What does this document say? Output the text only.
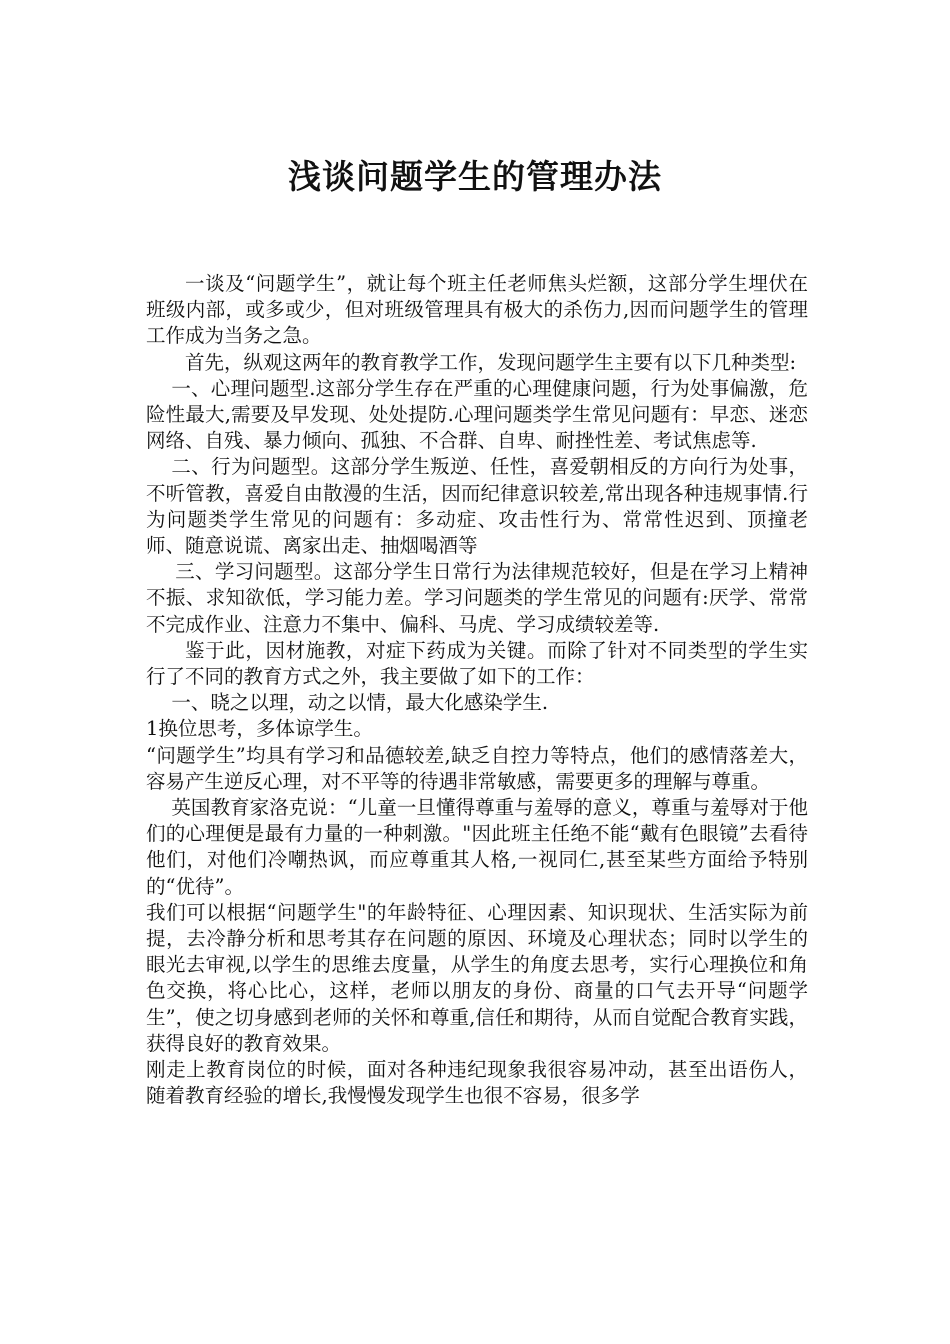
浅谈问题学生的管理办法

一谈及“问题学生”，就让每个班主任老师焦头烂额，这部分学生埋伏在班级内部，或多或少，但对班级管理具有极大的杀伤力,因而问题学生的管理工作成为当务之急。

首先，纵观这两年的教育教学工作，发现问题学生主要有以下几种类型:

一、心理问题型.这部分学生存在严重的心理健康问题，行为处事偏激，危险性最大,需要及早发现、处处提防.心理问题类学生常见问题有：早恋、迷恋网络、自残、暴力倾向、孤独、不合群、自卑、耐挫性差、考试焦虑等.

二、行为问题型。这部分学生叛逆、任性，喜爱朝相反的方向行为处事，不听管教，喜爱自由散漫的生活，因而纪律意识较差,常出现各种违规事情.行为问题类学生常见的问题有：多动症、攻击性行为、常常性迟到、顶撞老师、随意说谎、离家出走、抽烟喝酒等

三、学习问题型。这部分学生日常行为法律规范较好，但是在学习上精神不振、求知欲低，学习能力差。学习问题类的学生常见的问题有:厌学、常常不完成作业、注意力不集中、偏科、马虎、学习成绩较差等.

鉴于此，因材施教，对症下药成为关键。而除了针对不同类型的学生实行了不同的教育方式之外，我主要做了如下的工作：

一、晓之以理，动之以情，最大化感染学生.

1换位思考，多体谅学生。

“问题学生”均具有学习和品德较差,缺乏自控力等特点，他们的感情落差大，容易产生逆反心理，对不平等的待遇非常敏感，需要更多的理解与尊重。

英国教育家洛克说：“儿童一旦懂得尊重与羞辱的意义，尊重与羞辱对于他们的心理便是最有力量的一种刺激。"因此班主任绝不能“戴有色眼镜”去看待他们，对他们冷嘲热讽，而应尊重其人格,一视同仁,甚至某些方面给予特别的“优待”。

我们可以根据“问题学生"的年龄特征、心理因素、知识现状、生活实际为前提，去冷静分析和思考其存在问题的原因、环境及心理状态；同时以学生的眼光去审视,以学生的思维去度量，从学生的角度去思考，实行心理换位和角色交换，将心比心，这样，老师以朋友的身份、商量的口气去开导“问题学生”，使之切身感到老师的关怀和尊重,信任和期待，从而自觉配合教育实践，获得良好的教育效果。

刚走上教育岗位的时候，面对各种违纪现象我很容易冲动，甚至出语伤人，随着教育经验的增长,我慢慢发现学生也很不容易，很多学
